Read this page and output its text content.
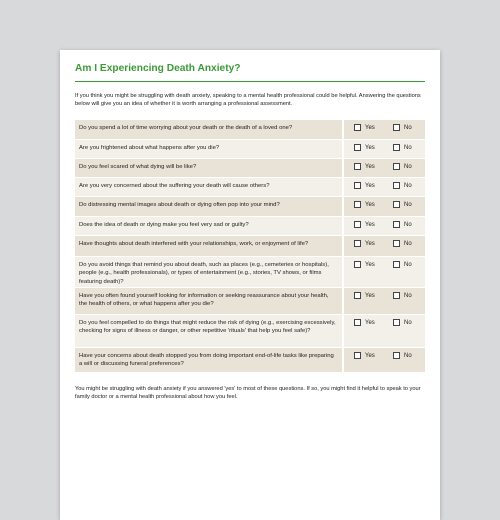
Am I Experiencing Death Anxiety?
If you think you might be struggling with death anxiety, speaking to a mental health professional could be helpful. Answering the questions below will give you an idea of whether it is worth arranging a professional assessment.
Do you spend a lot of time worrying about your death or the death of a loved one?	Yes	No
Are you frightened about what happens after you die?	Yes	No
Do you feel scared of what dying will be like?	Yes	No
Are you very concerned about the suffering your death will cause others?	Yes	No
Do distressing mental images about death or dying often pop into your mind?	Yes	No
Does the idea of death or dying make you feel very sad or guilty?	Yes	No
Have thoughts about death interfered with your relationships, work, or enjoyment of life?	Yes	No
Do you avoid things that remind you about death, such as places (e.g., cemeteries or hospitals), people (e.g., health professionals), or types of entertainment (e.g., stories, TV shows, or films featuring death)?
Yes	No
Have you often found yourself looking for information or seeking reassurance about your health, the health of others, or what happens after you die?
Yes	No
Do you feel compelled to do things that might reduce the risk of dying (e.g., exercising excessively, checking for signs of illness or danger, or other repetitive 'rituals' that help you feel safe)?
Yes	No
Have your concerns about death stopped you from doing important end-of-life tasks like preparing a will or discussing funeral preferences?
Yes	No
You might be struggling with death anxiety if you answered 'yes' to most of these questions. If so, you might find it helpful to speak to your family doctor or a mental health professional about how you feel.
